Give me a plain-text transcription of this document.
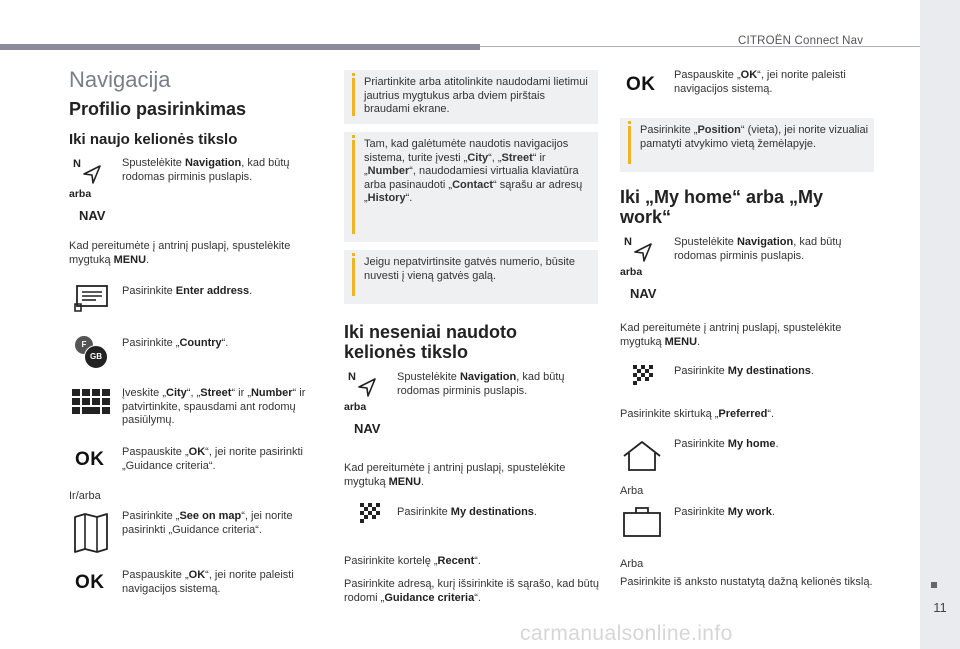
CITROËN Connect Nav
11
carmanualsonline.info
Navigacija
Profilio pasirinkimas
Iki naujo kelionės tikslo
N
arba
NAV
Spustelėkite Navigation, kad būtų rodomas pirminis puslapis.
Kad pereitumėte į antrinį puslapį, spustelėkite mygtuką MENU.
Pasirinkite Enter address.
F
GB
Pasirinkite „Country“.
Įveskite „City“, „Street“ ir „Number“ ir patvirtinkite, spausdami ant rodomų pasiūlymų.
OK Paspauskite „OK“, jei norite pasirinkti „Guidance criteria“.
Ir/arba
Pasirinkite „See on map“, jei norite pasirinkti „Guidance criteria“.
OK Paspauskite „OK“, jei norite paleisti navigacijos sistemą.
Priartinkite arba atitolinkite naudodami lietimui jautrius mygtukus arba dviem pirštais braudami ekrane.
Tam, kad galėtumėte naudotis navigacijos sistema, turite įvesti „City“, „Street“ ir „Number“, naudodamiesi virtualia klaviatūra arba pasinaudoti „Contact“ sąrašu ar adresų „History“.
Jeigu nepatvirtinsite gatvės numerio, būsite nuvesti į vieną gatvės galą.
Iki neseniai naudoto kelionės tikslo
N
arba
NAV
Spustelėkite Navigation, kad būtų rodomas pirminis puslapis.
Kad pereitumėte į antrinį puslapį, spustelėkite mygtuką MENU.
Pasirinkite My destinations.
Pasirinkite kortelę „Recent“.
Pasirinkite adresą, kurį išsirinkite iš sąrašo, kad būtų rodomi „Guidance criteria“.
OK Paspauskite „OK“, jei norite paleisti navigacijos sistemą.
Pasirinkite „Position“ (vieta), jei norite vizualiai pamatyti atvykimo vietą žemėlapyje.
Iki „My home“ arba „My work“
N
arba
NAV
Spustelėkite Navigation, kad būtų rodomas pirminis puslapis.
Kad pereitumėte į antrinį puslapį, spustelėkite mygtuką MENU.
Pasirinkite My destinations.
Pasirinkite skirtuką „Preferred“.
Pasirinkite My home.
Arba
Pasirinkite My work.
Arba
Pasirinkite iš anksto nustatytą dažną kelionės tikslą.
